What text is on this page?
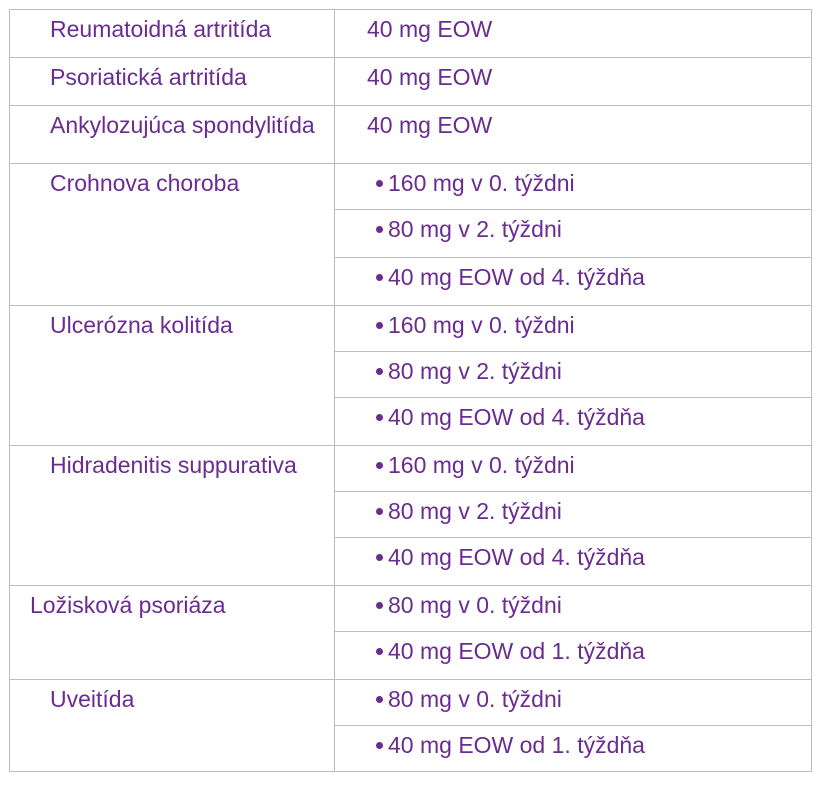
Reumatoidná artritída	40 mg EOW

Psoriatická artritída	40 mg EOW

Ankylozujúca spondylitída	40 mg EOW

Crohnova choroba	160 mg v 0. týždni

80 mg v 2. týždni

40 mg EOW od 4. týždňa

Ulcerózna kolitída	160 mg v 0. týždni

80 mg v 2. týždni

40 mg EOW od 4. týždňa

Hidradenitis suppurativa	160 mg v 0. týždni

80 mg v 2. týždni

40 mg EOW od 4. týždňa

Ložisková psoriáza	80 mg v 0. týždni

40 mg EOW od 1. týždňa

Uveitída	80 mg v 0. týždni

40 mg EOW od 1. týždňa
